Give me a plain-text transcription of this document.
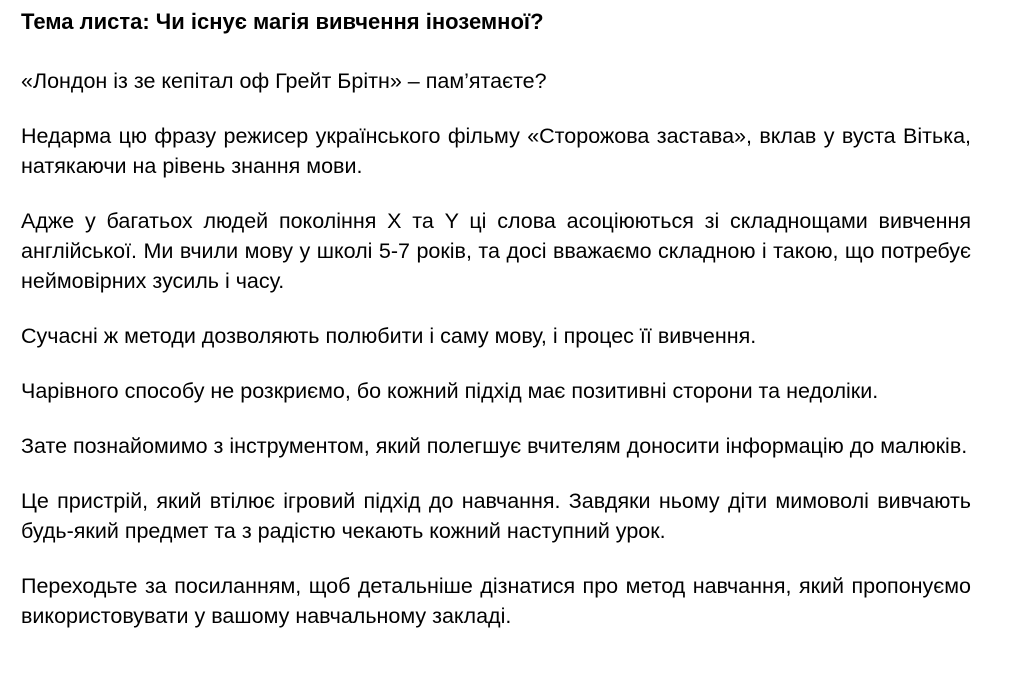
Тема листа: Чи існує магія вивчення іноземної?

«Лондон із зе кепітал оф Грейт Брітн» – пам’ятаєте?

Недарма цю фразу режисер українського фільму «Сторожова застава», вклав у вуста Вітька, натякаючи на рівень знання мови.

Адже у багатьох людей покоління X та Y ці слова асоціюються зі складнощами вивчення англійської. Ми вчили мову у школі 5-7 років, та досі вважаємо складною і такою, що потребує неймовірних зусиль і часу.

Сучасні ж методи дозволяють полюбити і саму мову, і процес її вивчення.

Чарівного способу не розкриємо, бо кожний підхід має позитивні сторони та недоліки.

Зате познайомимо з інструментом, який полегшує вчителям доносити інформацію до малюків.

Це пристрій, який втілює ігровий підхід до навчання. Завдяки ньому діти мимоволі вивчають будь-який предмет та з радістю чекають кожний наступний урок.

Переходьте за посиланням, щоб детальніше дізнатися про метод навчання, який пропонуємо використовувати у вашому навчальному закладі.
